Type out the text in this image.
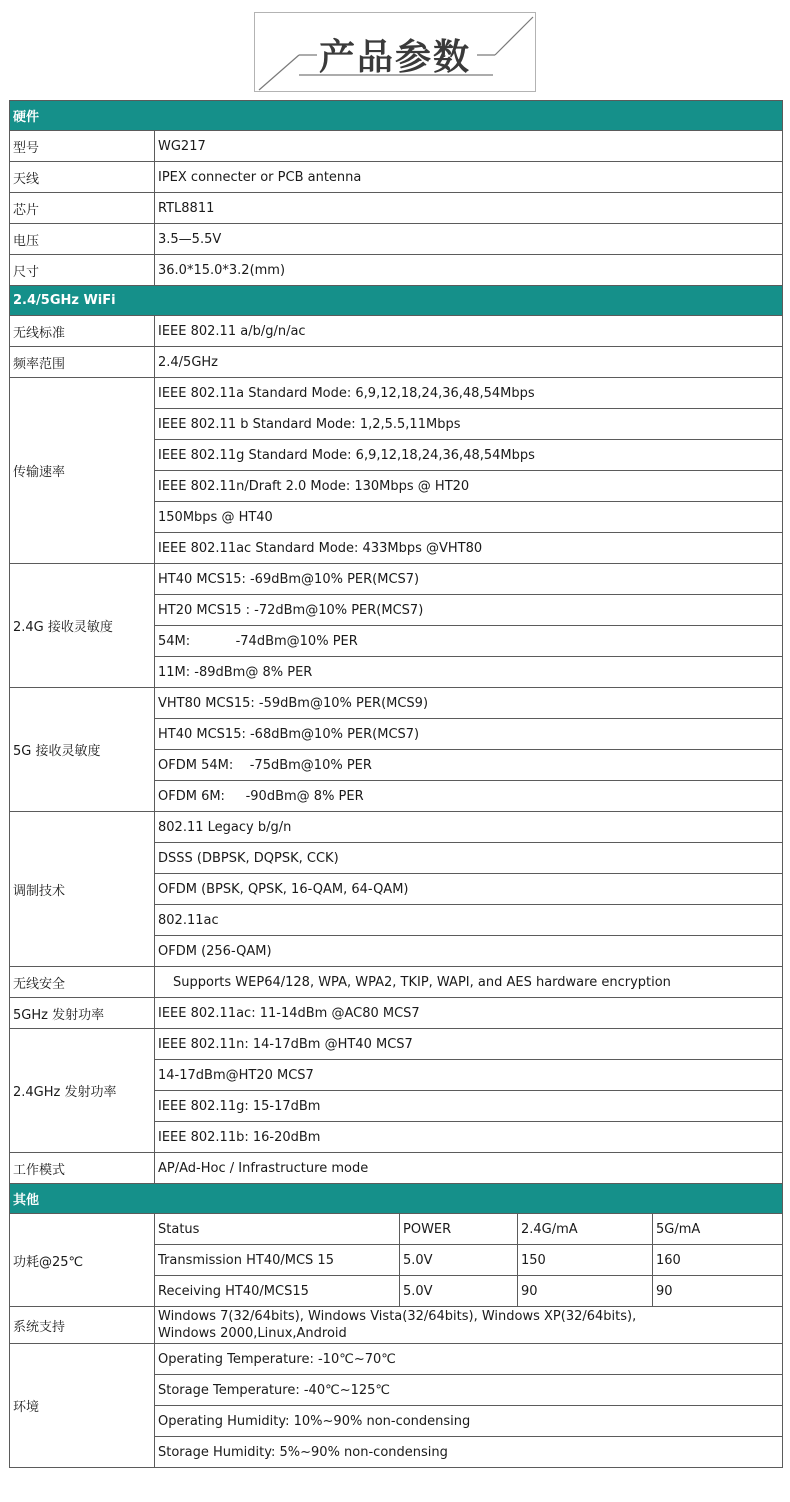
产品参数
硬件				
型号	WG217			
天线	IPEX connecter or PCB antenna			
芯片	RTL8811			
电压	3.5—5.5V			
尺寸	36.0*15.0*3.2(mm)			
2.4/5GHz WiFi				
无线标准	IEEE 802.11 a/b/g/n/ac			
频率范围	2.4/5GHz			
传输速率	IEEE 802.11a Standard Mode: 6,9,12,18,24,36,48,54Mbps			
	IEEE 802.11 b Standard Mode: 1,2,5.5,11Mbps			
	IEEE 802.11g Standard Mode: 6,9,12,18,24,36,48,54Mbps			
	IEEE 802.11n/Draft 2.0 Mode: 130Mbps @ HT20			
	150Mbps @ HT40			
	IEEE 802.11ac Standard Mode: 433Mbps @VHT80			
2.4G 接收灵敏度	HT40 MCS15: -69dBm@10% PER(MCS7)			
	HT20 MCS15 : -72dBm@10% PER(MCS7)			
	54M:           -74dBm@10% PER			
	11M: -89dBm@ 8% PER			
5G 接收灵敏度	VHT80 MCS15: -59dBm@10% PER(MCS9)			
	HT40 MCS15: -68dBm@10% PER(MCS7)			
	OFDM 54M:    -75dBm@10% PER			
	OFDM 6M:     -90dBm@ 8% PER			
调制技术	802.11 Legacy b/g/n			
	DSSS (DBPSK, DQPSK, CCK)			
	OFDM (BPSK, QPSK, 16-QAM, 64-QAM)			
	802.11ac			
	OFDM (256-QAM)			
无线安全	Supports WEP64/128, WPA, WPA2, TKIP, WAPI, and AES hardware encryption			
5GHz 发射功率	IEEE 802.11ac: 11-14dBm @AC80 MCS7			
2.4GHz 发射功率	IEEE 802.11n: 14-17dBm @HT40 MCS7			
	14-17dBm@HT20 MCS7			
	IEEE 802.11g: 15-17dBm			
	IEEE 802.11b: 16-20dBm			
工作模式	AP/Ad-Hoc / Infrastructure mode			
其他				
功耗@25℃	Status	POWER	2.4G/mA	5G/mA
	Transmission HT40/MCS 15	5.0V	150	160
	Receiving HT40/MCS15	5.0V	90	90
系统支持	Windows 7(32/64bits), Windows Vista(32/64bits), Windows XP(32/64bits), Windows 2000,Linux,Android			
环境	Operating Temperature: -10℃~70℃			
	Storage Temperature: -40℃~125℃			
	Operating Humidity: 10%~90% non-condensing			
	Storage Humidity: 5%~90% non-condensing			
